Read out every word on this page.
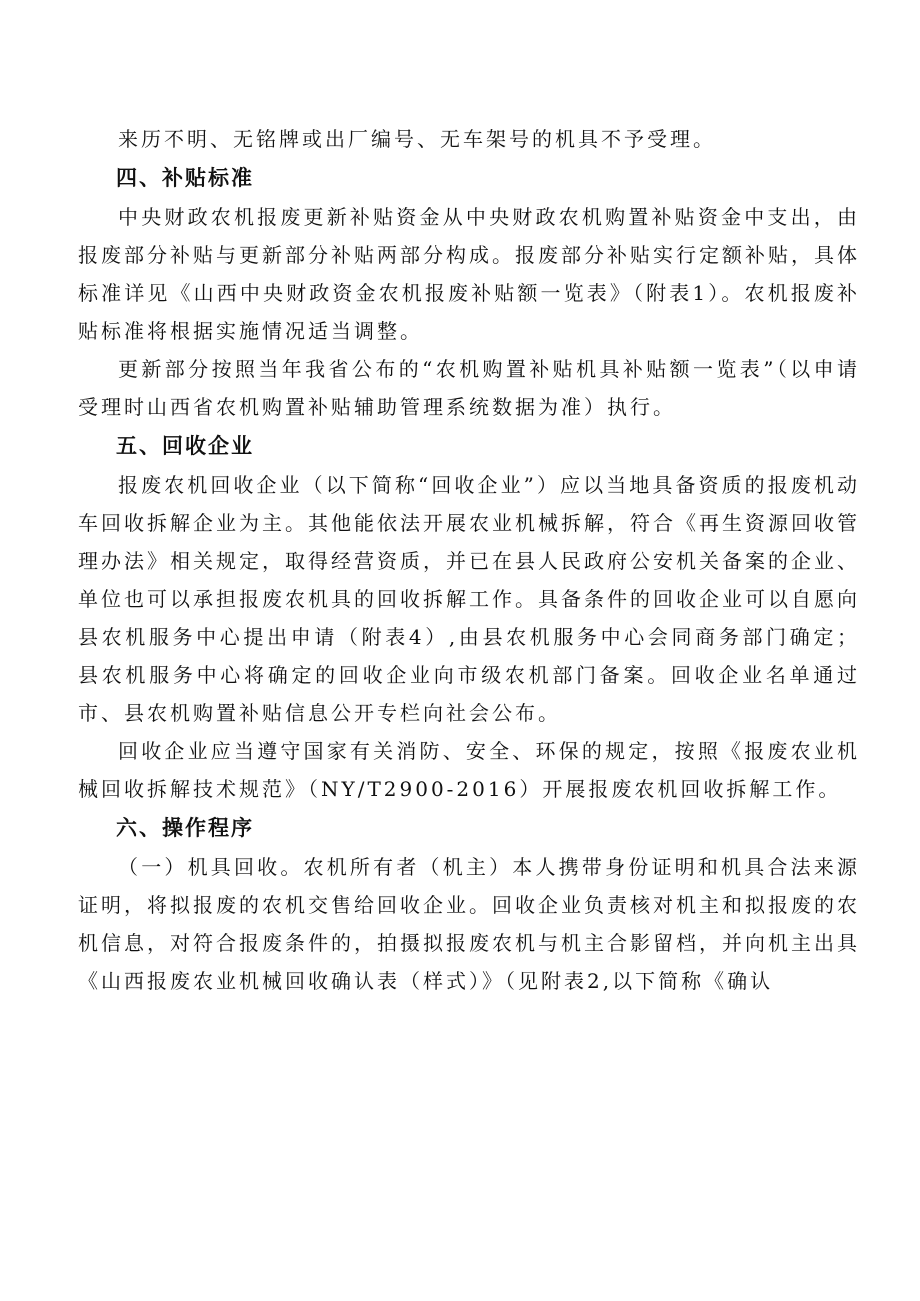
来历不明、无铭牌或出厂编号、无车架号的机具不予受理。

四、补贴标准

中央财政农机报废更新补贴资金从中央财政农机购置补贴资金中支出，由报废部分补贴与更新部分补贴两部分构成。报废部分补贴实行定额补贴，具体标准详见《山西中央财政资金农机报废补贴额一览表》（附表1）。农机报废补贴标准将根据实施情况适当调整。

更新部分按照当年我省公布的“农机购置补贴机具补贴额一览表”（以申请受理时山西省农机购置补贴辅助管理系统数据为准）执行。

五、回收企业

报废农机回收企业（以下简称“回收企业”）应以当地具备资质的报废机动车回收拆解企业为主。其他能依法开展农业机械拆解，符合《再生资源回收管理办法》相关规定，取得经营资质，并已在县人民政府公安机关备案的企业、单位也可以承担报废农机具的回收拆解工作。具备条件的回收企业可以自愿向县农机服务中心提出申请（附表4）,由县农机服务中心会同商务部门确定；县农机服务中心将确定的回收企业向市级农机部门备案。回收企业名单通过市、县农机购置补贴信息公开专栏向社会公布。

回收企业应当遵守国家有关消防、安全、环保的规定，按照《报废农业机械回收拆解技术规范》（NY/T2900-2016）开展报废农机回收拆解工作。

六、操作程序

（一）机具回收。农机所有者（机主）本人携带身份证明和机具合法来源证明，将拟报废的农机交售给回收企业。回收企业负责核对机主和拟报废的农机信息，对符合报废条件的，拍摄拟报废农机与机主合影留档，并向机主出具《山西报废农业机械回收确认表（样式）》（见附表2,以下简称《确认
